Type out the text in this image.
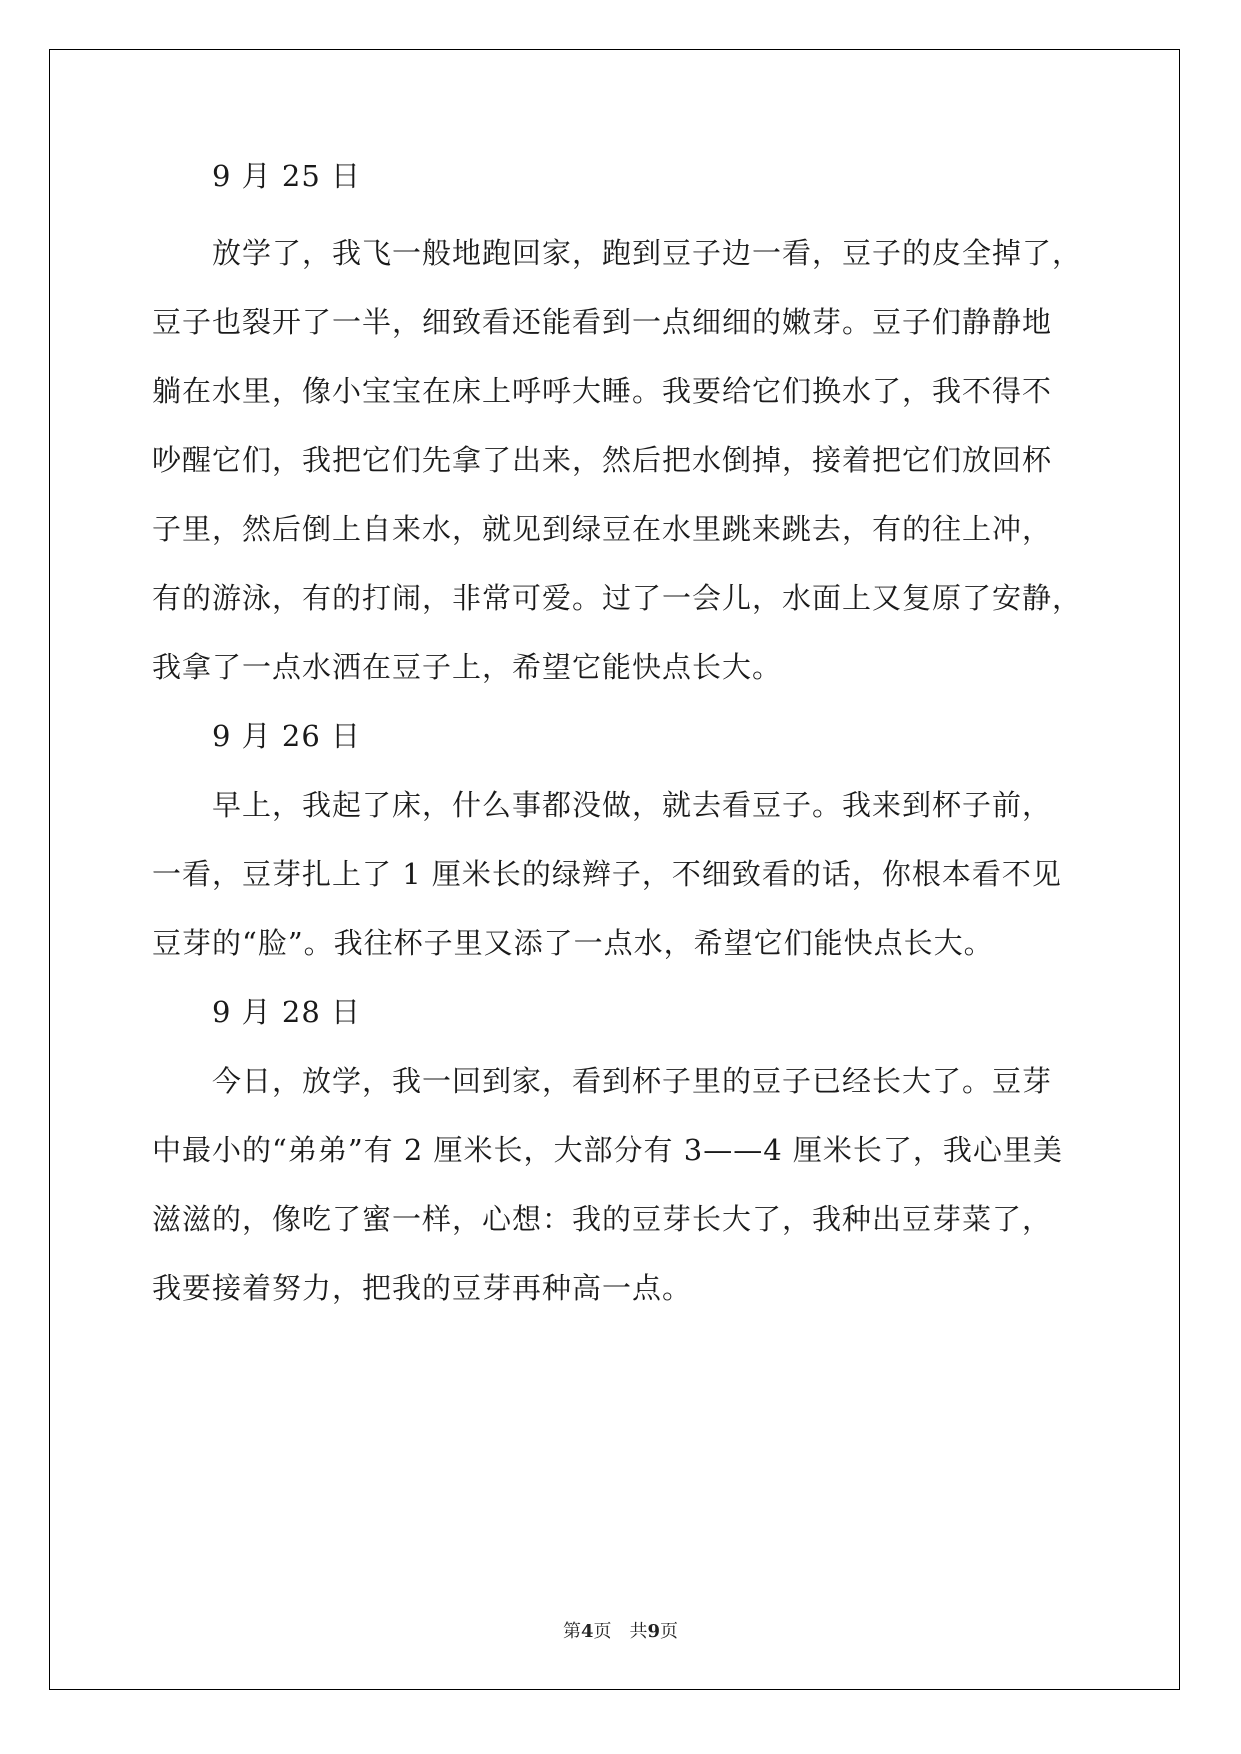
9 月 25 日
放学了，我飞一般地跑回家，跑到豆子边一看，豆子的皮全掉了，
豆子也裂开了一半，细致看还能看到一点细细的嫩芽。豆子们静静地
躺在水里，像小宝宝在床上呼呼大睡。我要给它们换水了，我不得不
吵醒它们，我把它们先拿了出来，然后把水倒掉，接着把它们放回杯
子里，然后倒上自来水，就见到绿豆在水里跳来跳去，有的往上冲，
有的游泳，有的打闹，非常可爱。过了一会儿，水面上又复原了安静，
我拿了一点水洒在豆子上，希望它能快点长大。
9 月 26 日
早上，我起了床，什么事都没做，就去看豆子。我来到杯子前，
一看，豆芽扎上了 1 厘米长的绿辫子，不细致看的话，你根本看不见
豆芽的“脸”。我往杯子里又添了一点水，希望它们能快点长大。
9 月 28 日
今日，放学，我一回到家，看到杯子里的豆子已经长大了。豆芽
中最小的“弟弟”有 2 厘米长，大部分有 3——4 厘米长了，我心里美
滋滋的，像吃了蜜一样，心想：我的豆芽长大了，我种出豆芽菜了，
我要接着努力，把我的豆芽再种高一点。
第4页　共9页
